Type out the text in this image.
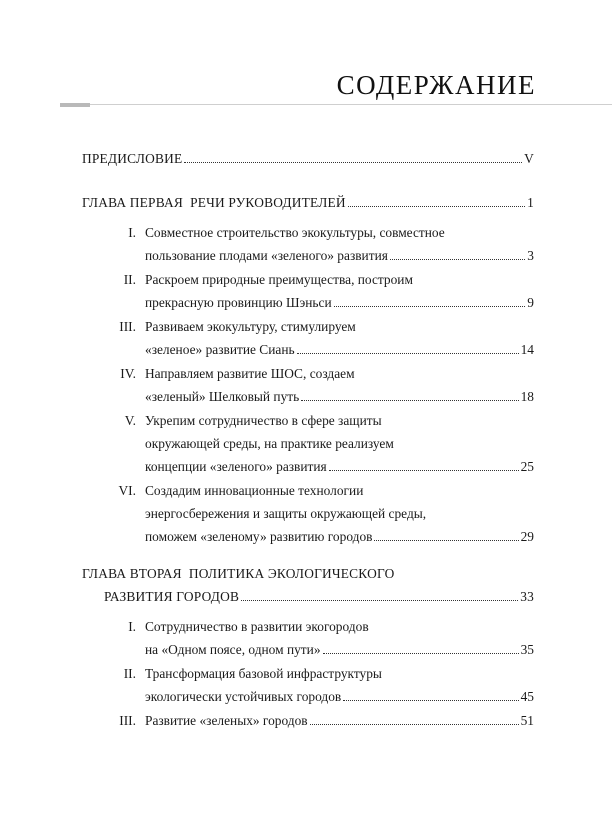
СОДЕРЖАНИЕ
ПРЕДИСЛОВИЕ	V
ГЛАВА ПЕРВАЯ  РЕЧИ РУКОВОДИТЕЛЕЙ	1
I. Совместное строительство экокультуры, совместное
пользование плодами «зеленого» развития	3
II. Раскроем природные преимущества, построим
прекрасную провинцию Шэньси	9
III. Развиваем экокультуру, стимулируем
«зеленое» развитие Сиань	14
IV. Направляем развитие ШОС, создаем
«зеленый» Шелковый путь	18
V. Укрепим сотрудничество в сфере защиты
окружающей среды, на практике реализуем
концепции «зеленого» развития	25
VI. Создадим инновационные технологии
энергосбережения и защиты окружающей среды,
поможем «зеленому» развитию городов	29
ГЛАВА ВТОРАЯ  ПОЛИТИКА ЭКОЛОГИЧЕСКОГО
РАЗВИТИЯ ГОРОДОВ	33
I. Сотрудничество в развитии экогородов
на «Одном поясе, одном пути»	35
II. Трансформация базовой инфраструктуры
экологически устойчивых городов	45
III. Развитие «зеленых» городов	51
